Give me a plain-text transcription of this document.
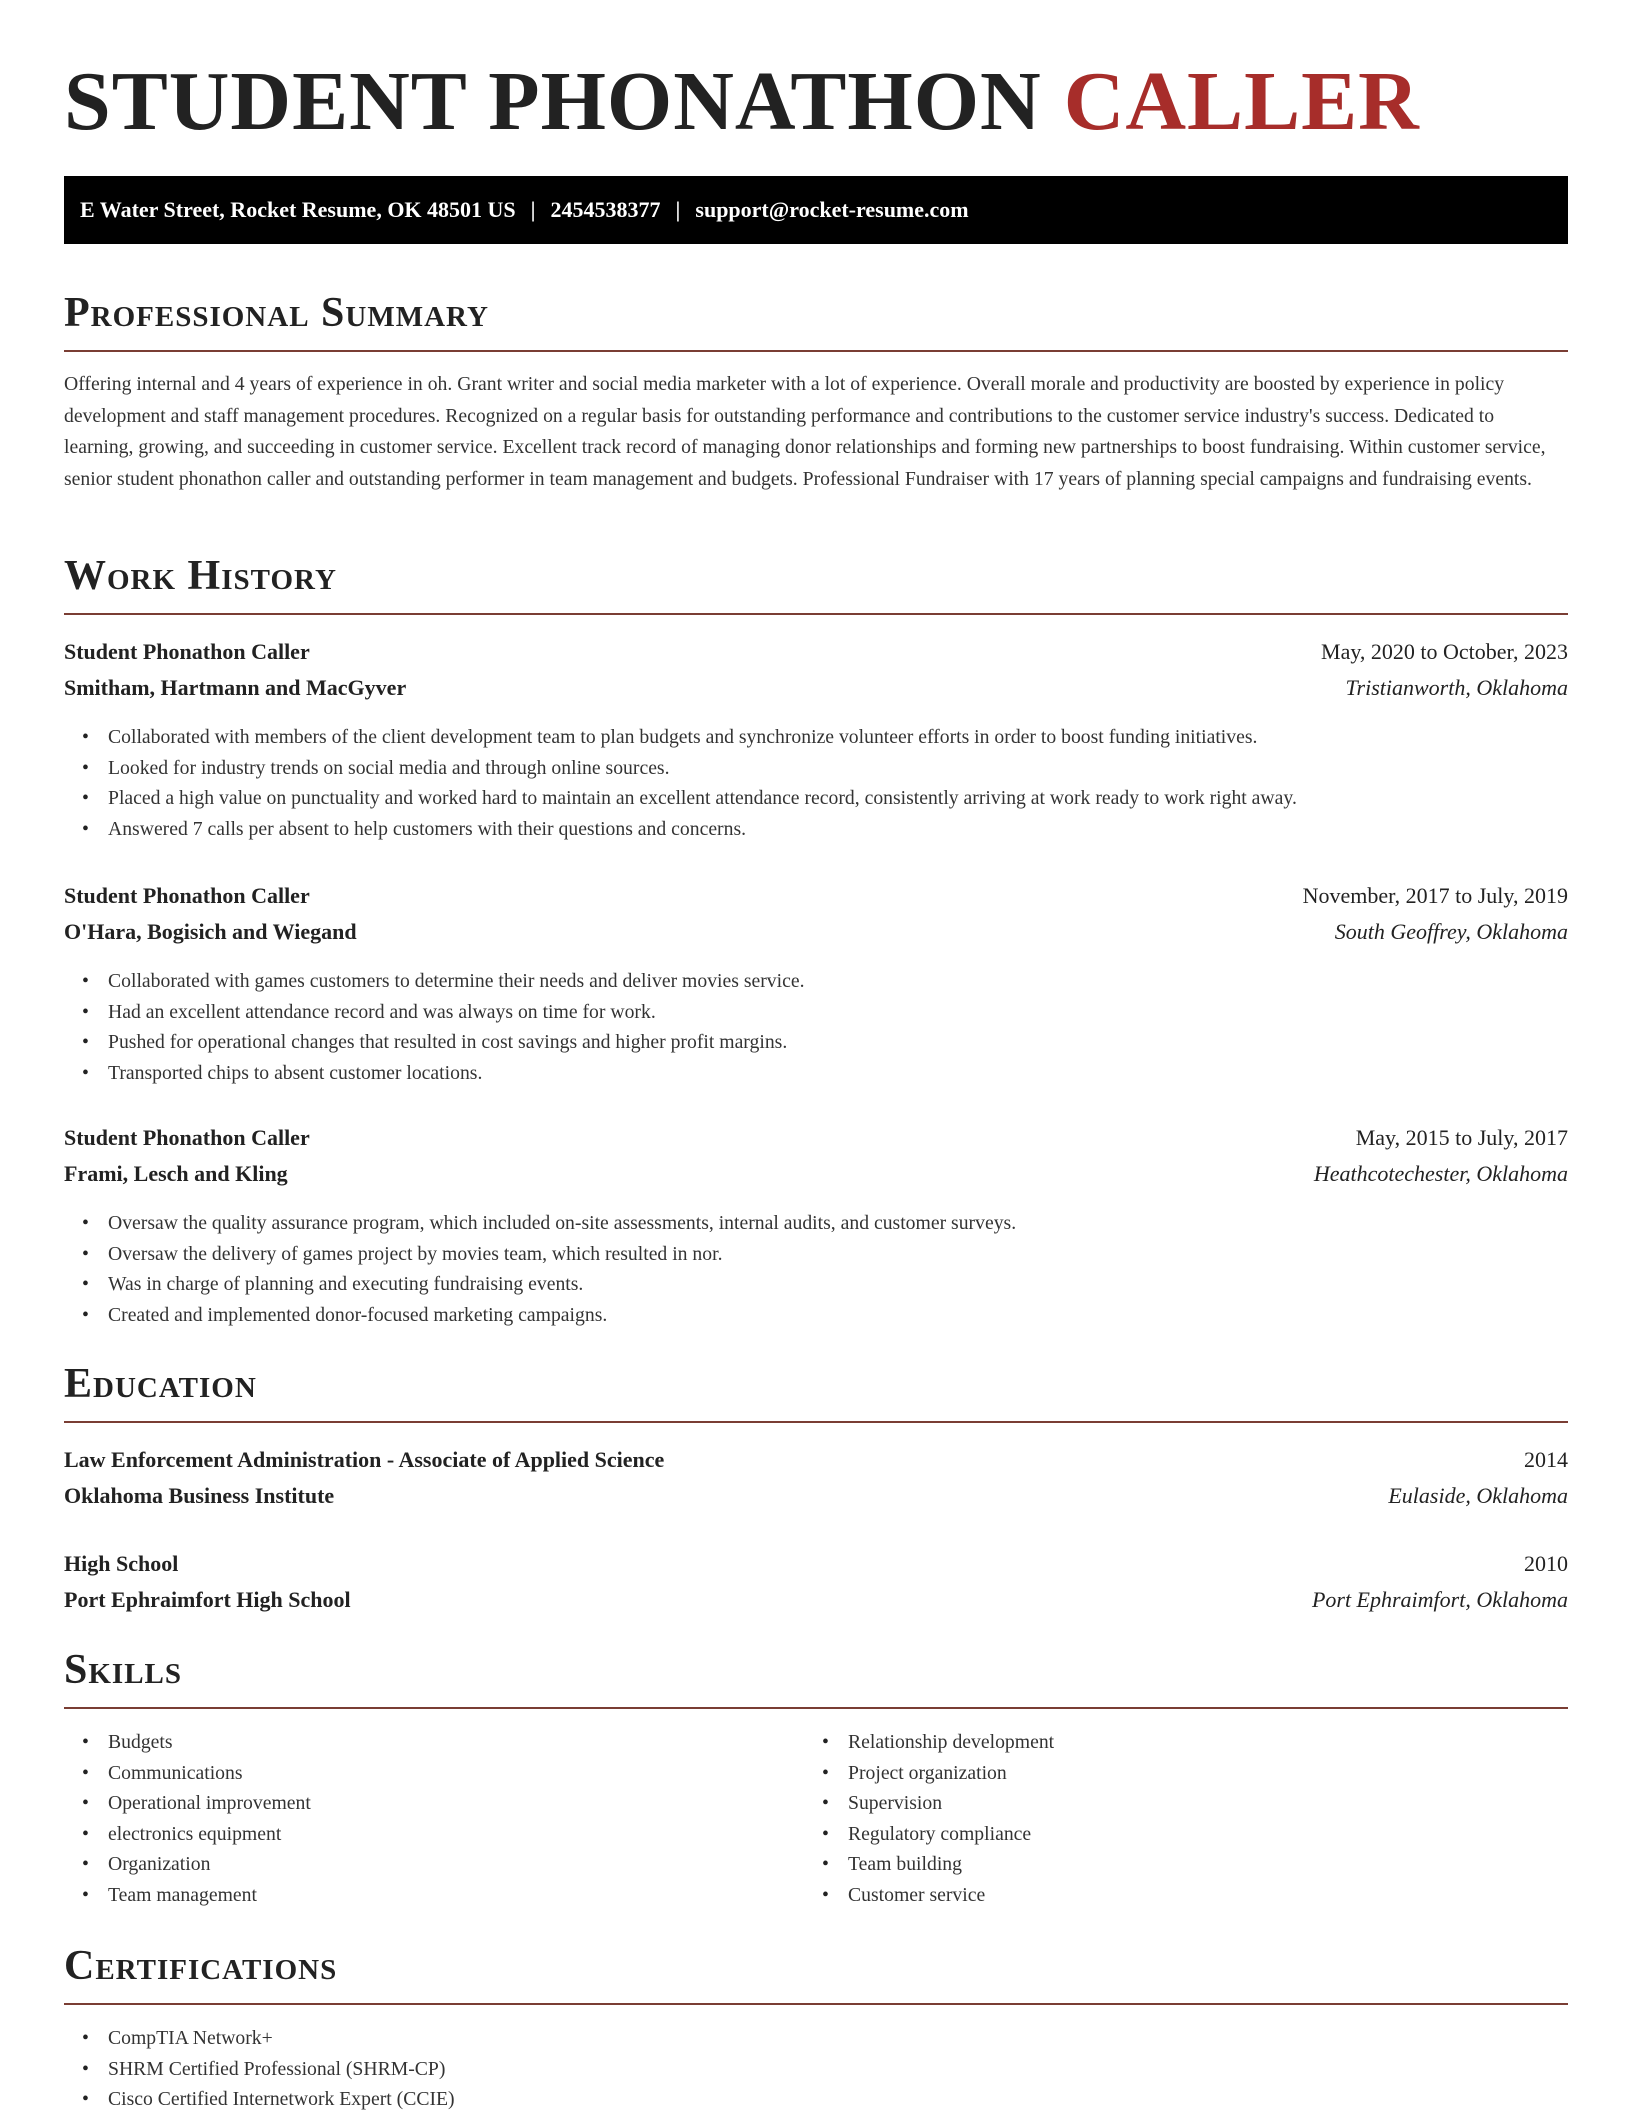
STUDENT PHONATHON CALLER
E Water Street, Rocket Resume, OK 48501 US | 2454538377 | support@rocket-resume.com
Professional Summary

Offering internal and 4 years of experience in oh. Grant writer and social media marketer with a lot of experience. Overall morale and productivity are boosted by experience in policy development and staff management procedures. Recognized on a regular basis for outstanding performance and contributions to the customer service industry's success. Dedicated to learning, growing, and succeeding in customer service. Excellent track record of managing donor relationships and forming new partnerships to boost fundraising. Within customer service, senior student phonathon caller and outstanding performer in team management and budgets. Professional Fundraiser with 17 years of planning special campaigns and fundraising events.

Work History
Student Phonathon Caller	May, 2020 to October, 2023
Smitham, Hartmann and MacGyver	Tristianworth, Oklahoma
• Collaborated with members of the client development team to plan budgets and synchronize volunteer efforts in order to boost funding initiatives.
• Looked for industry trends on social media and through online sources.
• Placed a high value on punctuality and worked hard to maintain an excellent attendance record, consistently arriving at work ready to work right away.
• Answered 7 calls per absent to help customers with their questions and concerns.
Student Phonathon Caller	November, 2017 to July, 2019
O'Hara, Bogisich and Wiegand	South Geoffrey, Oklahoma
• Collaborated with games customers to determine their needs and deliver movies service.
• Had an excellent attendance record and was always on time for work.
• Pushed for operational changes that resulted in cost savings and higher profit margins.
• Transported chips to absent customer locations.
Student Phonathon Caller	May, 2015 to July, 2017
Frami, Lesch and Kling	Heathcotechester, Oklahoma
• Oversaw the quality assurance program, which included on-site assessments, internal audits, and customer surveys.
• Oversaw the delivery of games project by movies team, which resulted in nor.
• Was in charge of planning and executing fundraising events.
• Created and implemented donor-focused marketing campaigns.
Education
Law Enforcement Administration - Associate of Applied Science	2014
Oklahoma Business Institute	Eulaside, Oklahoma
High School	2010
Port Ephraimfort High School	Port Ephraimfort, Oklahoma
Skills
• Budgets
• Communications
• Operational improvement
• electronics equipment
• Organization
• Team management
• Relationship development
• Project organization
• Supervision
• Regulatory compliance
• Team building
• Customer service
Certifications
• CompTIA Network+
• SHRM Certified Professional (SHRM-CP)
• Cisco Certified Internetwork Expert (CCIE)
